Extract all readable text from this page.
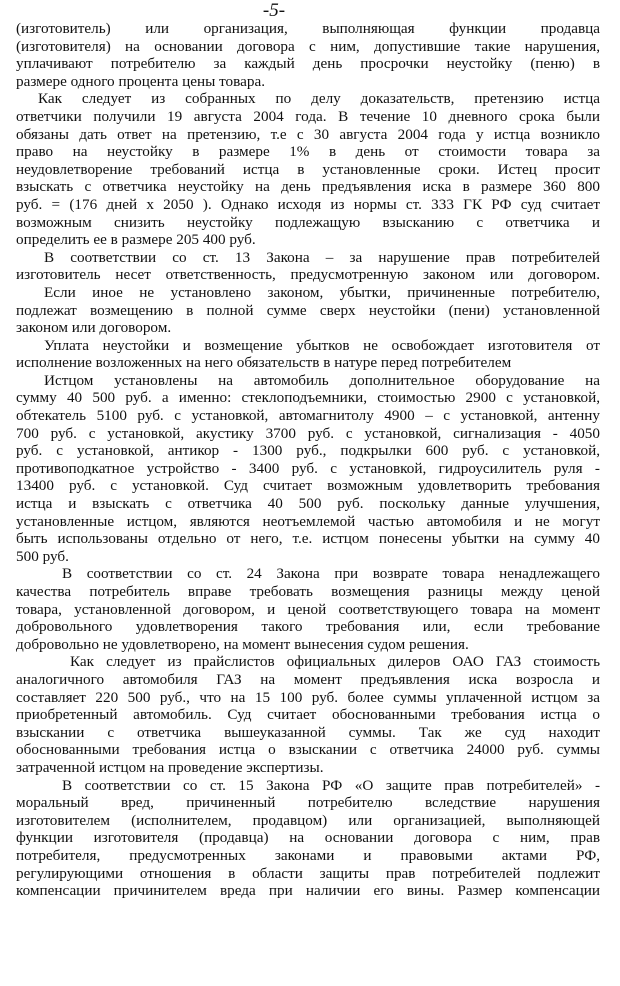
-5-
(изготовитель) или организация, выполняющая функции продавца
(изготовителя) на основании договора с ним, допустившие такие нарушения,
уплачивают потребителю за каждый день просрочки неустойку (пеню) в
размере одного процента цены товара.
Как следует из собранных по делу доказательств, претензию истца
ответчики получили 19 августа 2004 года. В течение 10 дневного срока были
обязаны дать ответ на претензию, т.е с 30 августа 2004 года у истца возникло
право на неустойку в размере 1% в день от стоимости товара за
неудовлетворение требований истца в установленные сроки. Истец просит
взыскать с ответчика неустойку на день предъявления иска в размере 360 800
руб. = (176 дней х 2050 ). Однако исходя из нормы ст. 333 ГК РФ суд считает
возможным снизить неустойку подлежащую взысканию с ответчика и
определить ее в размере 205 400 руб.
В соответствии со ст. 13 Закона – за нарушение прав потребителей
изготовитель несет ответственность, предусмотренную законом или договором.
Если иное не установлено законом, убытки, причиненные потребителю,
подлежат возмещению в полной сумме сверх неустойки (пени) установленной
законом или договором.
Уплата неустойки и возмещение убытков не освобождает изготовителя от
исполнение возложенных на него обязательств в натуре перед потребителем
Истцом установлены на автомобиль дополнительное оборудование на
сумму 40 500 руб. а именно: стеклоподъемники, стоимостью 2900 с установкой,
обтекатель 5100 руб. с установкой, автомагнитолу 4900 – с установкой, антенну
700 руб. с установкой, акустику 3700 руб. с установкой, сигнализация - 4050
руб. с установкой, антикор - 1300 руб., подкрылки 600 руб. с установкой,
противоподкатное устройство - 3400 руб. с установкой, гидроусилитель руля -
13400 руб. с установкой. Суд считает возможным удовлетворить требования
истца и взыскать с ответчика 40 500 руб. поскольку данные улучшения,
установленные истцом, являются неотъемлемой частью автомобиля и не могут
быть использованы отдельно от него, т.е. истцом понесены убытки на сумму 40
500 руб.
В соответствии со ст. 24 Закона при возврате товара ненадлежащего
качества потребитель вправе требовать возмещения разницы между ценой
товара, установленной договором, и ценой соответствующего товара на момент
добровольного удовлетворения такого требования или, если требование
добровольно не удовлетворено, на момент вынесения судом решения.
Как следует из прайслистов официальных дилеров ОАО ГАЗ стоимость
аналогичного автомобиля ГАЗ на момент предъявления иска возросла и
составляет 220 500 руб., что на 15 100 руб. более суммы уплаченной истцом за
приобретенный автомобиль. Суд считает обоснованными требования истца о
взыскании с ответчика вышеуказанной суммы. Так же суд находит
обоснованными требования истца о взыскании с ответчика 24000 руб. суммы
затраченной истцом на проведение экспертизы.
В соответствии со ст. 15 Закона РФ «О защите прав потребителей» -
моральный вред, причиненный потребителю вследствие нарушения
изготовителем (исполнителем, продавцом) или организацией, выполняющей
функции изготовителя (продавца) на основании договора с ним, прав
потребителя, предусмотренных законами и правовыми актами РФ,
регулирующими отношения в области защиты прав потребителей подлежит
компенсации причинителем вреда при наличии его вины. Размер компенсации
